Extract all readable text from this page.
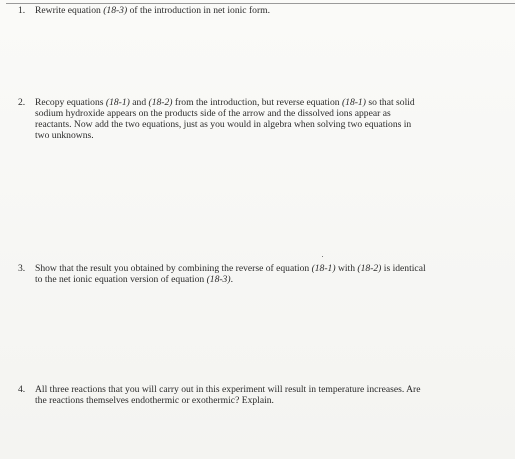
1. Rewrite equation (18-3) of the introduction in net ionic form.
2. Recopy equations (18-1) and (18-2) from the introduction, but reverse equation (18-1) so that solid
sodium hydroxide appears on the products side of the arrow and the dissolved ions appear as
reactants. Now add the two equations, just as you would in algebra when solving two equations in
two unknowns.
3. Show that the result you obtained by combining the reverse of equation (18-1) with (18-2) is identical
to the net ionic equation version of equation (18-3).
4. All three reactions that you will carry out in this experiment will result in temperature increases. Are
the reactions themselves endothermic or exothermic? Explain.
